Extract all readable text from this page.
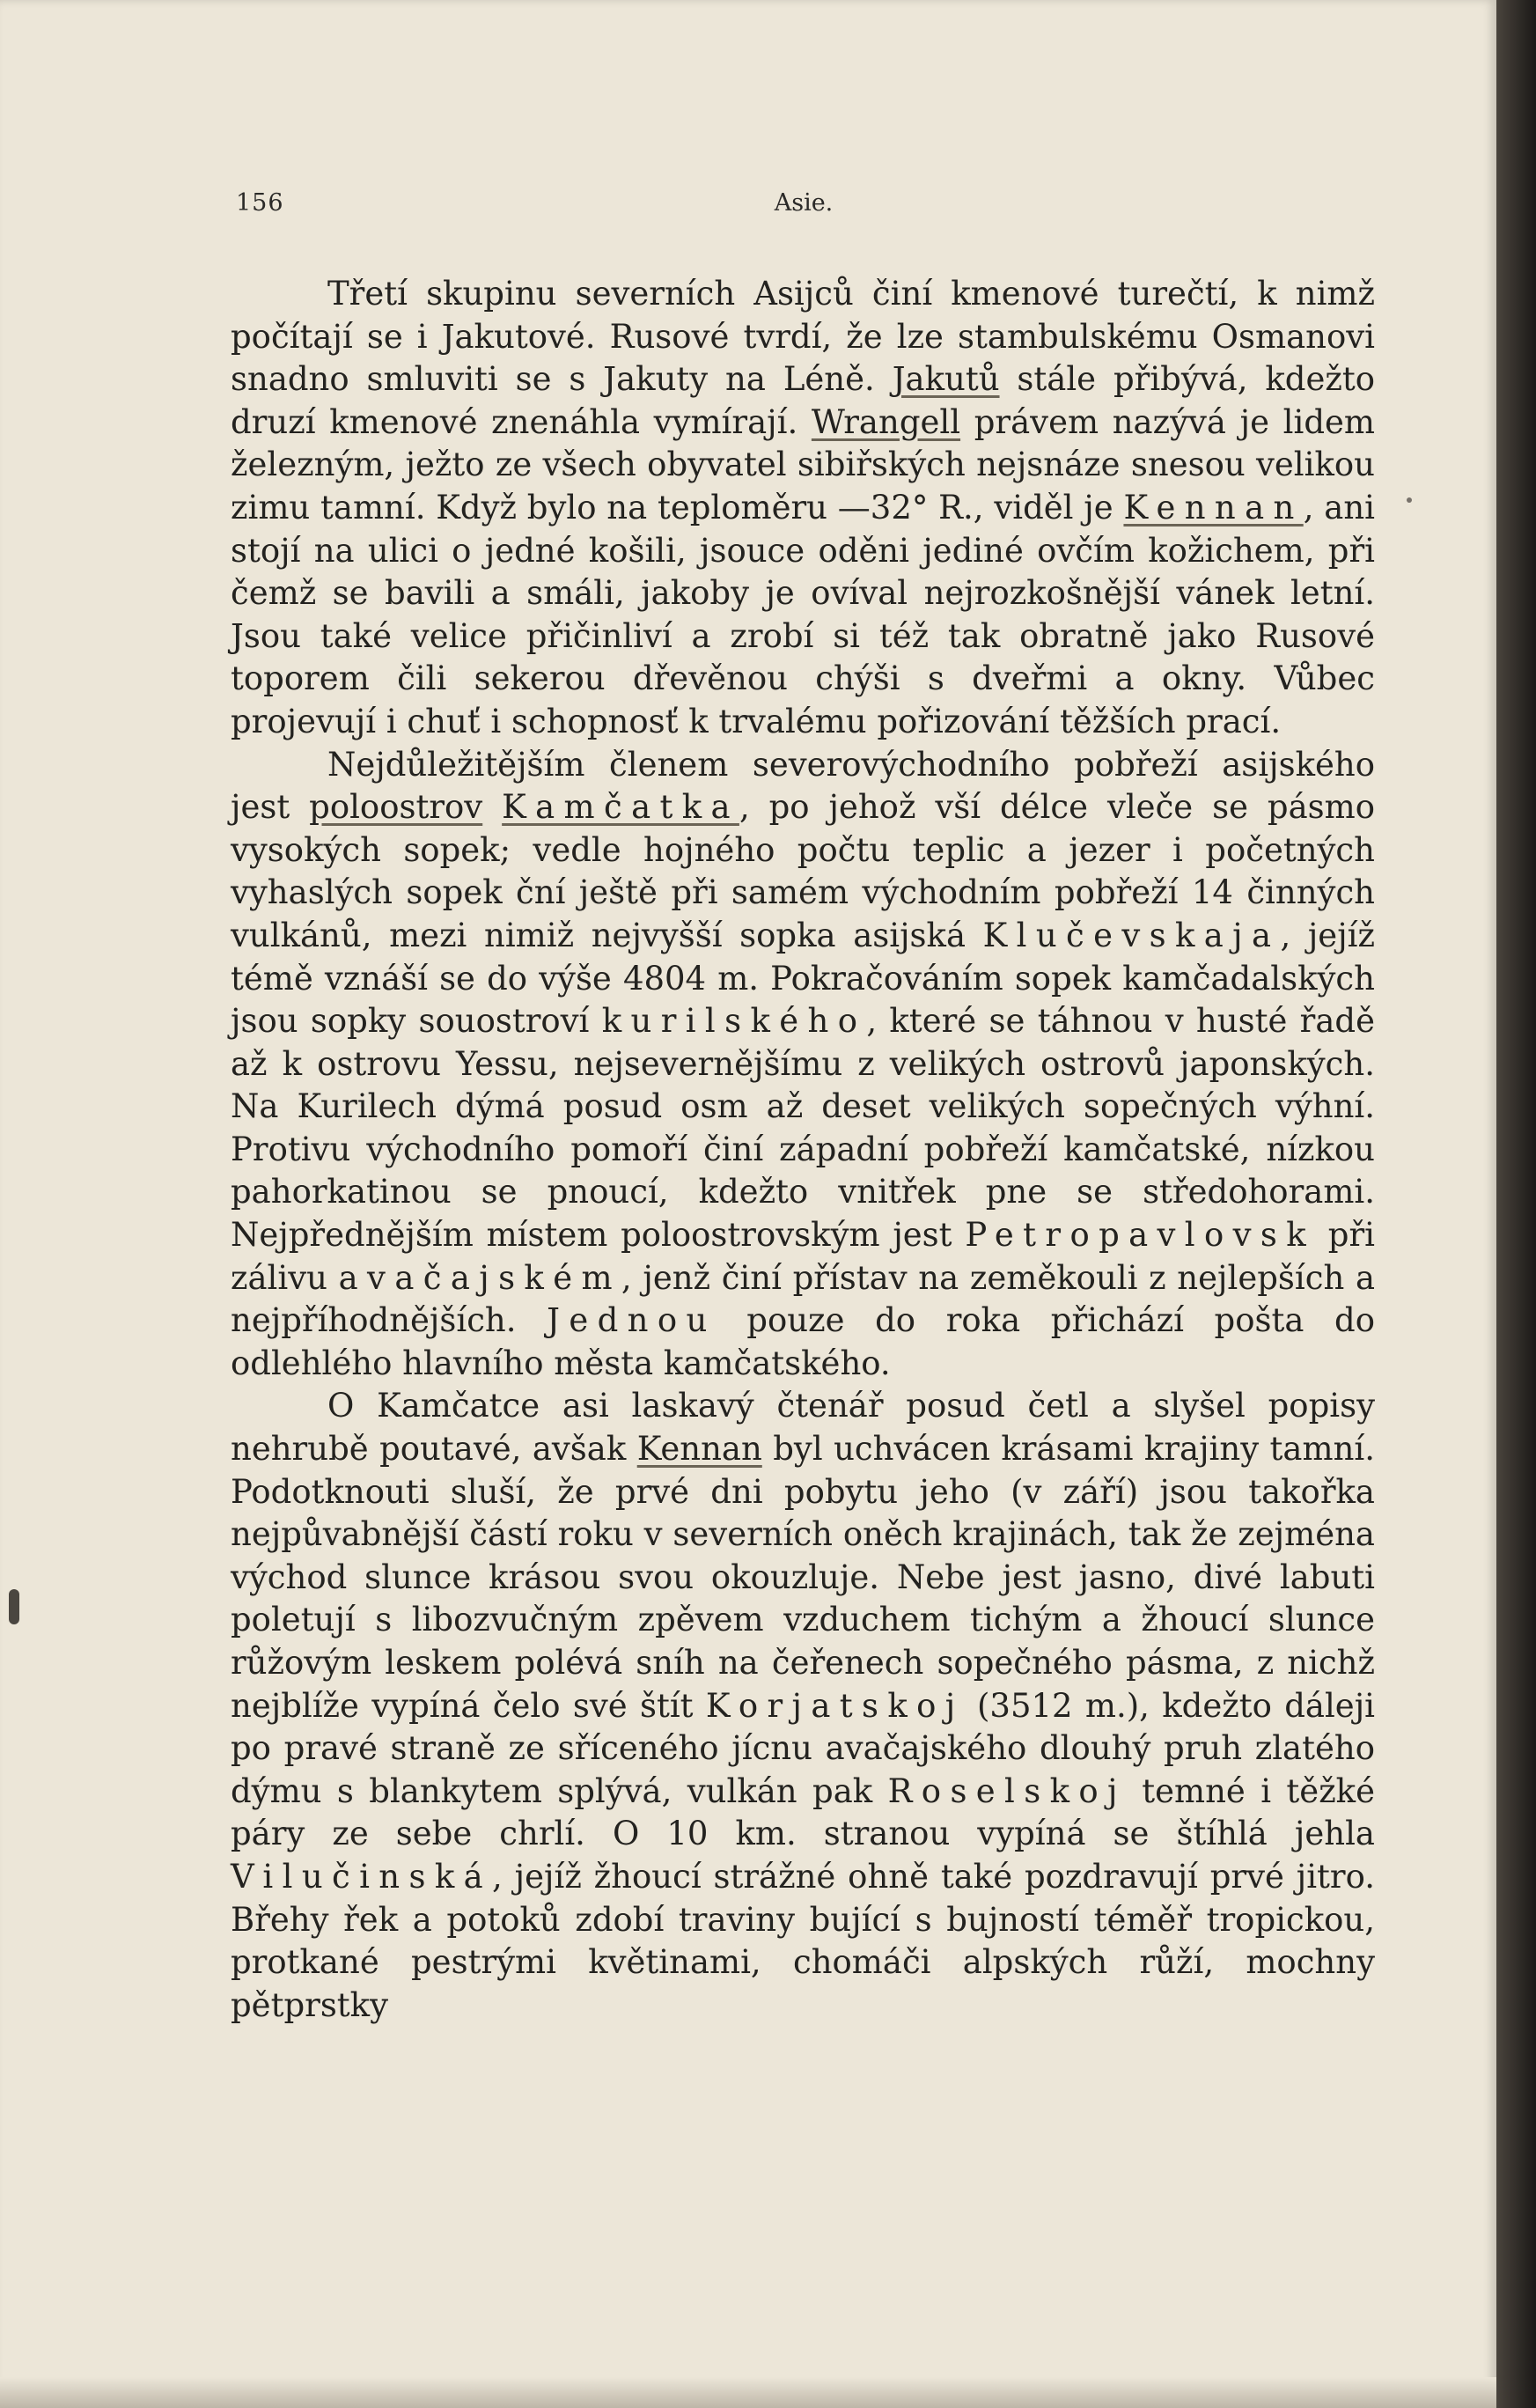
156	Asie.

Třetí skupinu severních Asijců činí kmenové turečtí, k nimž počítají se i Jakutové. Rusové tvrdí, že lze stambulskému Osmanovi snadno smluviti se s Jakuty na Léně. Jakutů stále přibývá, kdežto druzí kmenové znenáhla vymírají. Wrangell právem nazývá je lidem železným, ježto ze všech obyvatel sibiřských nejsnáze snesou velikou zimu tamní. Když bylo na teploměru —32° R., viděl je Kennan, ani stojí na ulici o jedné košili, jsouce oděni jediné ovčím kožichem, při čemž se bavili a smáli, jakoby je ovíval nejrozkošnější vánek letní. Jsou také velice přičinliví a zrobí si též tak obratně jako Rusové toporem čili sekerou dřevěnou chýši s dveřmi a okny. Vůbec projevují i chuť i schopnosť k trvalému pořizování těžších prací.

Nejdůležitějším členem severovýchodního pobřeží asijského jest poloostrov Kamčatka, po jehož vší délce vleče se pásmo vysokých sopek; vedle hojného počtu teplic a jezer i početných vyhaslých sopek ční ještě při samém východním pobřeží 14 činných vulkánů, mezi nimiž nejvyšší sopka asijská Klučevskaja, jejíž témě vznáší se do výše 4804 m. Pokračováním sopek kamčadalských jsou sopky souostroví kurilského, které se táhnou v husté řadě až k ostrovu Yessu, nejsevernějšímu z velikých ostrovů japonských. Na Kurilech dýmá posud osm až deset velikých sopečných výhní. Protivu východního pomoří činí západní pobřeží kamčatské, nízkou pahorkatinou se pnoucí, kdežto vnitřek pne se středohorami. Nejpřednějším místem poloostrovským jest Petropavlovsk při zálivu avačajském, jenž činí přístav na zeměkouli z nejlepších a nejpříhodnějších. Jednou pouze do roka přichází pošta do odlehlého hlavního města kamčatského.

O Kamčatce asi laskavý čtenář posud četl a slyšel popisy nehrubě poutavé, avšak Kennan byl uchvácen krásami krajiny tamní. Podotknouti sluší, že prvé dni pobytu jeho (v září) jsou takořka nejpůvabnější částí roku v severních oněch krajinách, tak že zejména východ slunce krásou svou okouzluje. Nebe jest jasno, divé labuti poletují s libozvučným zpěvem vzduchem tichým a žhoucí slunce růžovým leskem polévá sníh na čeřenech sopečného pásma, z nichž nejblíže vypíná čelo své štít Korjatskoj (3512 m.), kdežto dáleji po pravé straně ze sříceného jícnu avačajského dlouhý pruh zlatého dýmu s blankytem splývá, vulkán pak Roselskoj temné i těžké páry ze sebe chrlí. O 10 km. stranou vypíná se štíhlá jehla Vilučinská, jejíž žhoucí strážné ohně také pozdravují prvé jitro. Břehy řek a potoků zdobí traviny bující s bujností téměř tropickou, protkané pestrými květinami, chomáči alpských růží, mochny pětprstky
